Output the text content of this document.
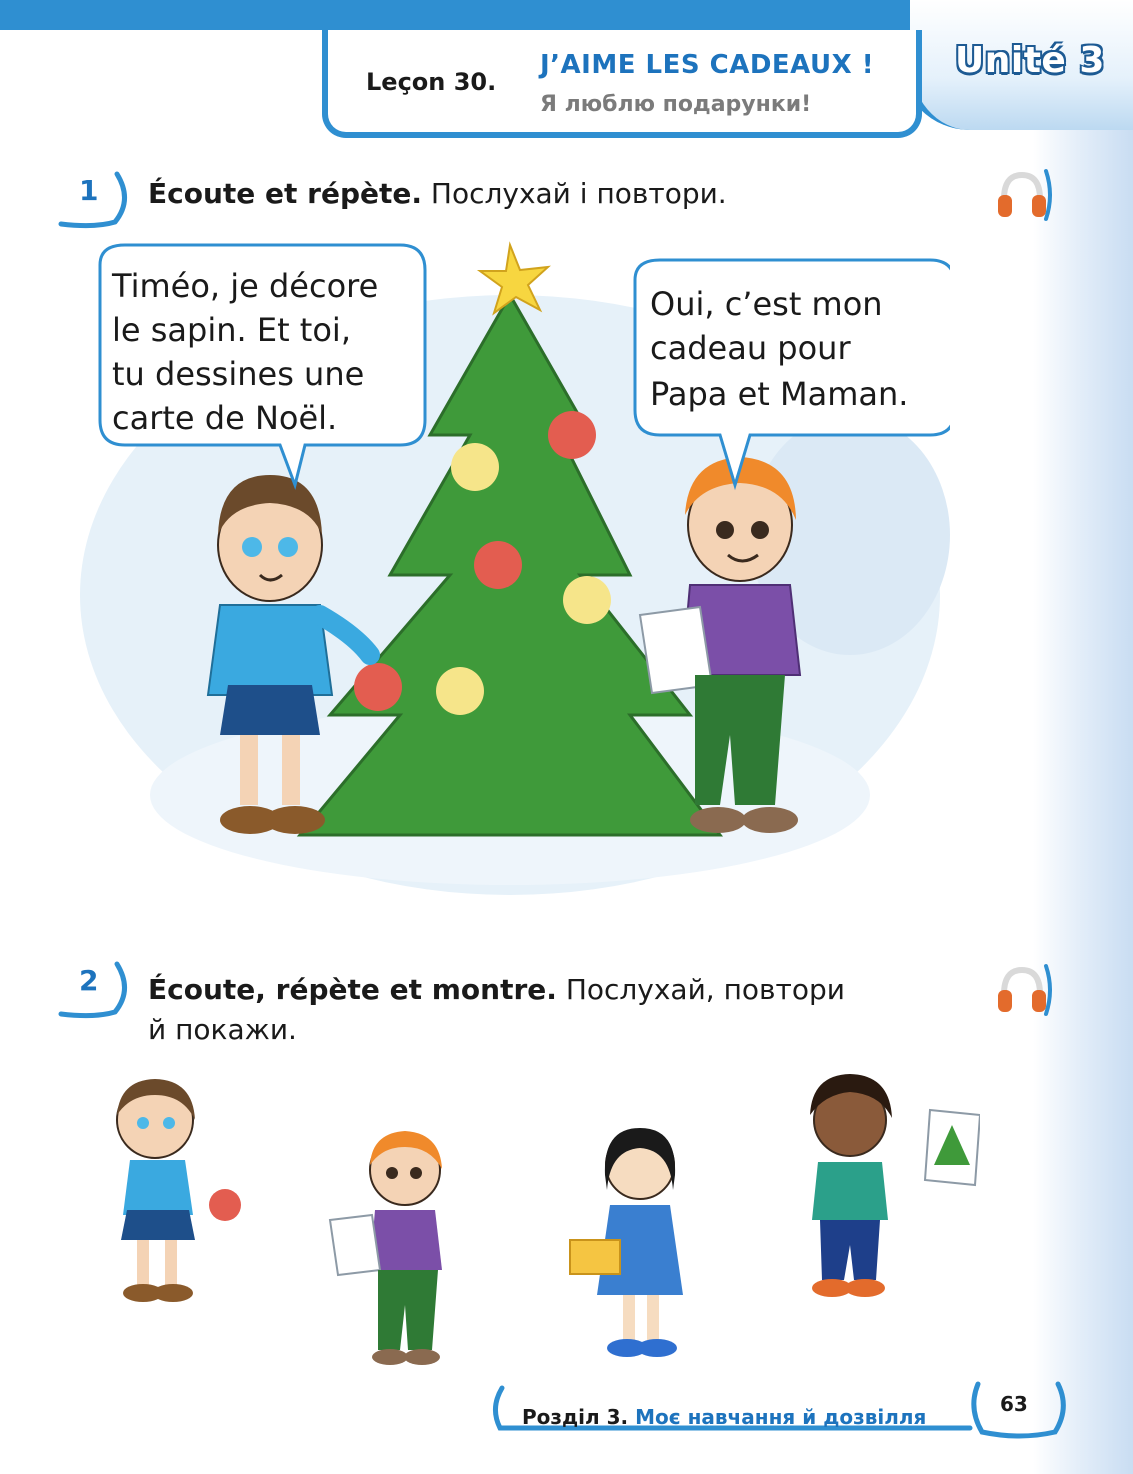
Unité 3
Leçon 30.
J’AIME LES CADEAUX !
Я люблю подарунки!
1 Écoute et répète. Послухай і повтори.
Timéo, je décore
le sapin. Et toi,
tu dessines une
carte de Noël.
Oui, c’est mon
cadeau pour
Papa et Maman.
2 Écoute, répète et montre. Послухай, повтори
й покажи.
Розділ 3. Моє навчання й дозвілля
63
